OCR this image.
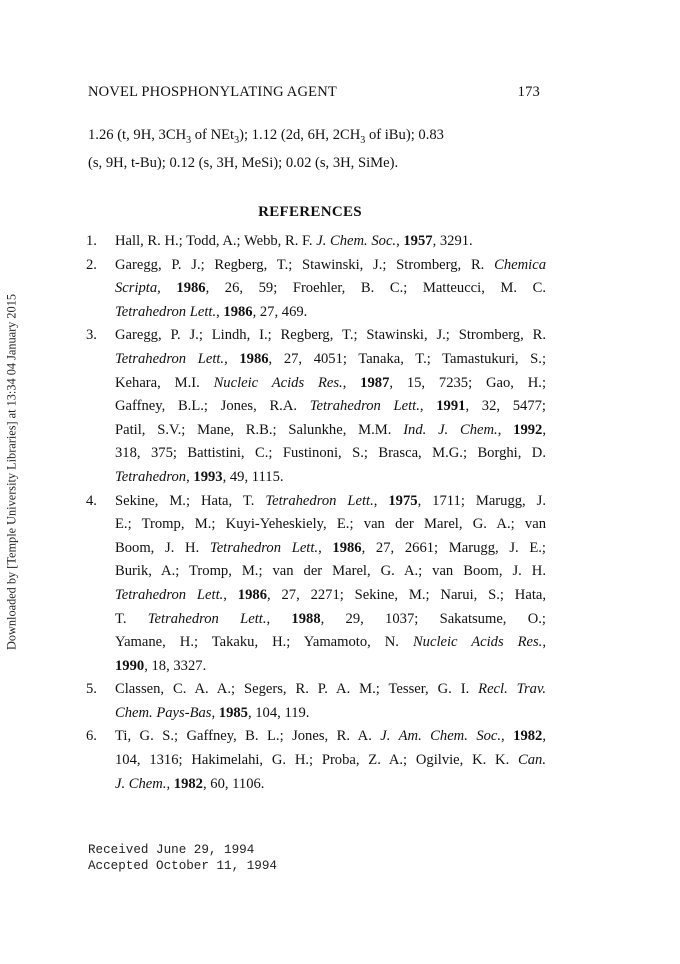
Downloaded by [Temple University Libraries] at 13:34 04 January 2015
NOVEL PHOSPHONYLATING AGENT	173
1.26 (t, 9H, $3CH_3$ of NEt$_3$); 1.12 (2d, 6H, $2CH_3$ of iBu); 0.83
(s, 9H, t-Bu); 0.12 (s, 3H, MeSi); 0.02 (s, 3H, SiMe).
REFERENCES
1. Hall, R. H.; Todd, A.; Webb, R. F. J. Chem. Soc., 1957, 3291.
2. Garegg, P. J.; Regberg, T.; Stawinski, J.; Stromberg, R. Chemica
Scripta, 1986, 26, 59; Froehler, B. C.; Matteucci, M. C.
Tetrahedron Lett., 1986, 27, 469.
3. Garegg, P. J.; Lindh, I.; Regberg, T.; Stawinski, J.; Stromberg, R.
Tetrahedron Lett., 1986, 27, 4051; Tanaka, T.; Tamastukuri, S.;
Kehara, M.I. Nucleic Acids Res., 1987, 15, 7235; Gao, H.;
Gaffney, B.L.; Jones, R.A. Tetrahedron Lett., 1991, 32, 5477;
Patil, S.V.; Mane, R.B.; Salunkhe, M.M. Ind. J. Chem., 1992,
318, 375; Battistini, C.; Fustinoni, S.; Brasca, M.G.; Borghi, D.
Tetrahedron, 1993, 49, 1115.
4. Sekine, M.; Hata, T. Tetrahedron Lett., 1975, 1711; Marugg, J.
E.; Tromp, M.; Kuyi-Yeheskiely, E.; van der Marel, G. A.; van
Boom, J. H. Tetrahedron Lett., 1986, 27, 2661; Marugg, J. E.;
Burik, A.; Tromp, M.; van der Marel, G. A.; van Boom, J. H.
Tetrahedron Lett., 1986, 27, 2271; Sekine, M.; Narui, S.; Hata,
T. Tetrahedron Lett., 1988, 29, 1037; Sakatsume, O.;
Yamane, H.; Takaku, H.; Yamamoto, N. Nucleic Acids Res.,
1990, 18, 3327.
5. Classen, C. A. A.; Segers, R. P. A. M.; Tesser, G. I. Recl. Trav.
Chem. Pays-Bas, 1985, 104, 119.
6. Ti, G. S.; Gaffney, B. L.; Jones, R. A. J. Am. Chem. Soc., 1982,
104, 1316; Hakimelahi, G. H.; Proba, Z. A.; Ogilvie, K. K. Can.
J. Chem., 1982, 60, 1106.
Received June 29, 1994
Accepted October 11, 1994
